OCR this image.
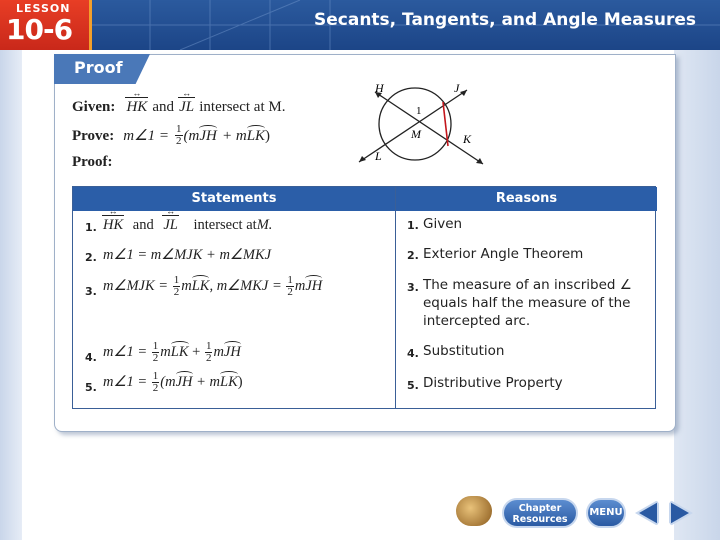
LESSON
10-6	Secants, Tangents, and Angle Measures
Proof
Given: HK ↔ and JL ↔ intersect at M.
Prove: m∠1 = $\frac{1}{2} (mJH + mLK)$
Proof:
H	J
1
M	K
L
Statements	Reasons
1. HK ↔ and JL ↔ intersect atM.	1. Given
2. m∠1 = m∠MJK + m∠MKJ	2. Exterior Angle Theorem
3. m∠MJK = $\frac{1}{2}$ mLK, m∠MKJ = $\frac{1}{2}$ mJH	3. The measure of an inscribed ∠ equals half the measure of the intercepted arc.
4. m∠1 = $\frac{1}{2}$ mLK + $\frac{1}{2}$ mJH	4. Substitution
5. m∠1 = $\frac{1}{2} (mJH + mLK)$	5. Distributive Property
Chapter Resources
MENU
